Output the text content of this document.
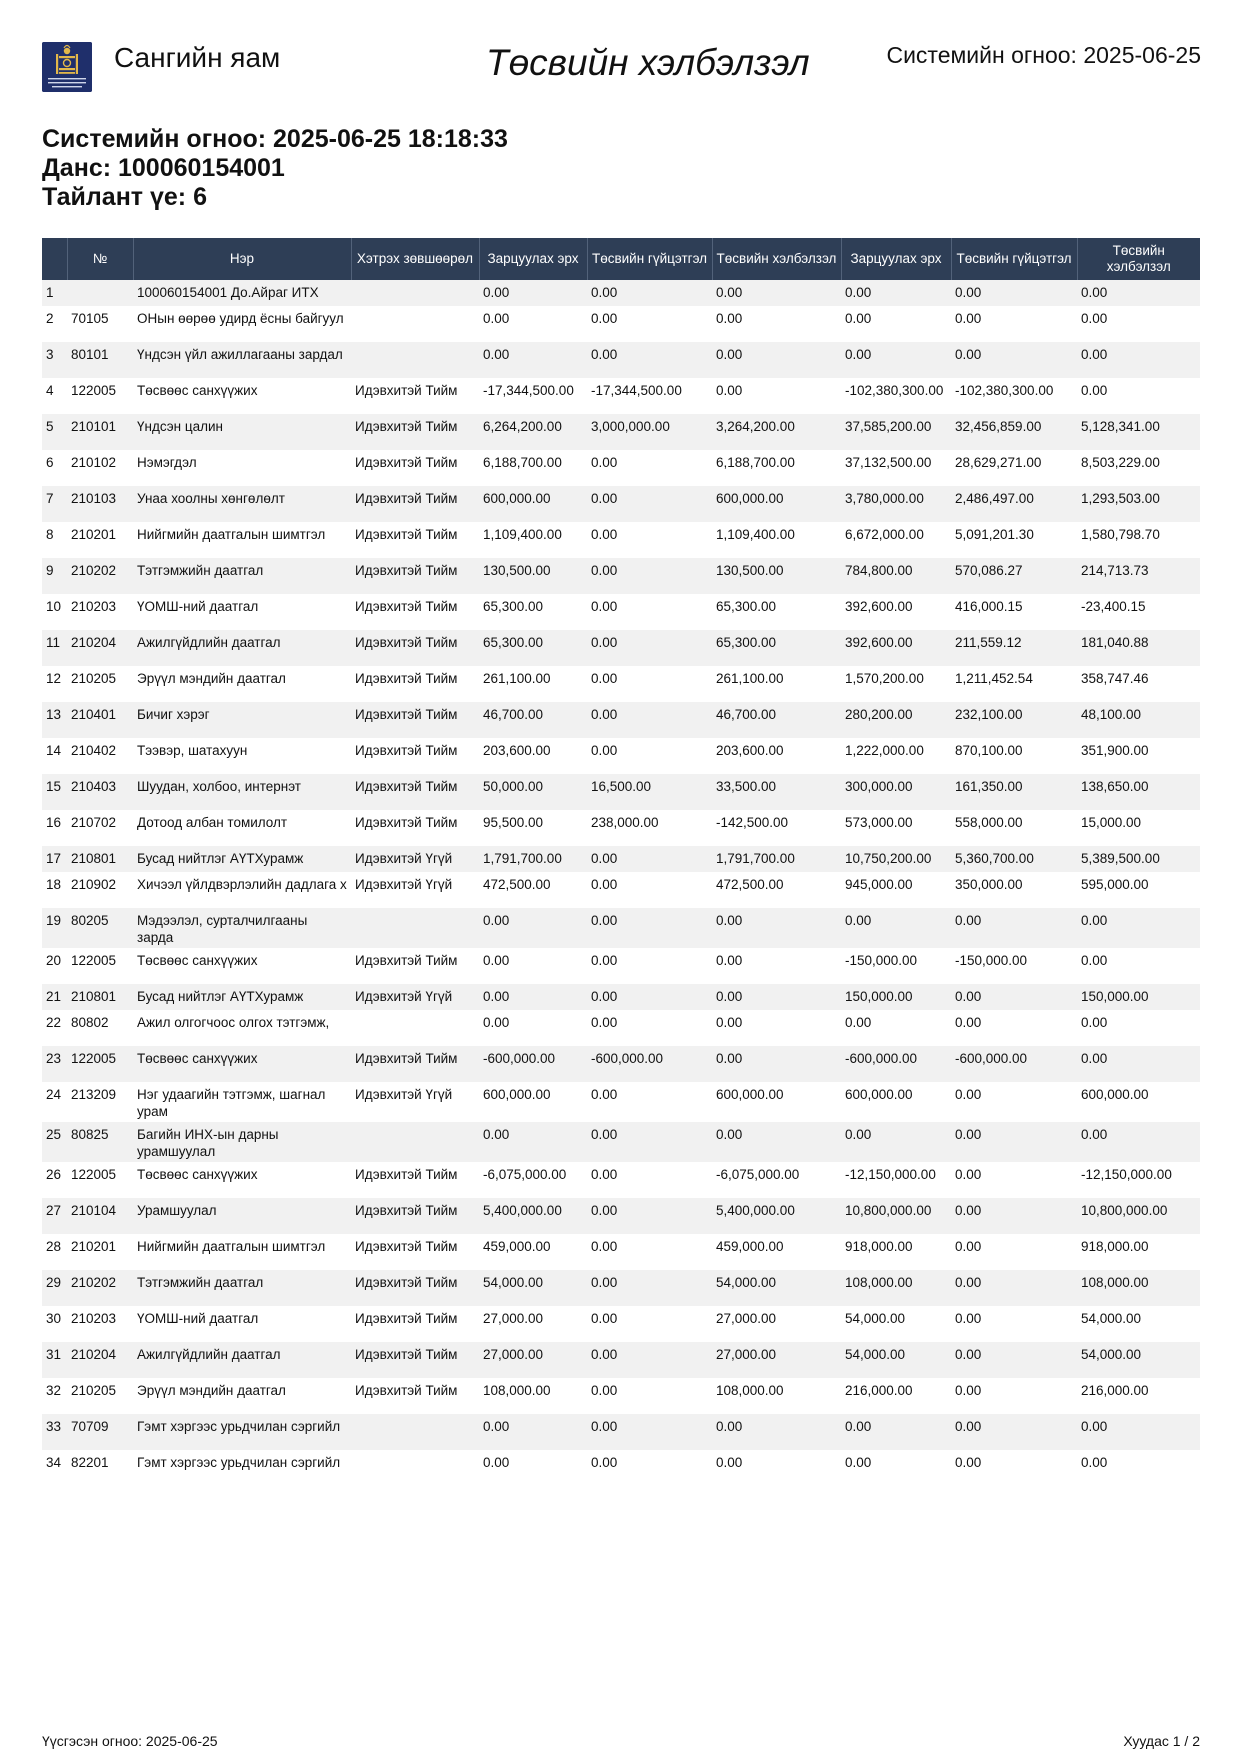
Сангийн яам	Төсвийн хэлбэлзэл	Системийн огноо: 2025-06-25
Системийн огноо: 2025-06-25 18:18:33
Данс: 100060154001
Тайлант үе: 6
	№	Нэр	Хэтрэх зөвшөөрөл	Зарцуулах эрх	Төсвийн гүйцэтгэл	Төсвийн хэлбэлзэл	Зарцуулах эрх	Төсвийн гүйцэтгэл	Төсвийн хэлбэлзэл
1		100060154001 До.Айраг ИТХ		0.00	0.00	0.00	0.00	0.00	0.00
2	70105	ОНын өөрөө удирд ёсны байгуул		0.00	0.00	0.00	0.00	0.00	0.00
3	80101	Үндсэн үйл ажиллагааны зардал		0.00	0.00	0.00	0.00	0.00	0.00
4	122005	Төсвөөс санхүүжих	Идэвхитэй Тийм	-17,344,500.00	-17,344,500.00	0.00	-102,380,300.00	-102,380,300.00	0.00
5	210101	Үндсэн цалин	Идэвхитэй Тийм	6,264,200.00	3,000,000.00	3,264,200.00	37,585,200.00	32,456,859.00	5,128,341.00
6	210102	Нэмэгдэл	Идэвхитэй Тийм	6,188,700.00	0.00	6,188,700.00	37,132,500.00	28,629,271.00	8,503,229.00
7	210103	Унаа хоолны хөнгөлөлт	Идэвхитэй Тийм	600,000.00	0.00	600,000.00	3,780,000.00	2,486,497.00	1,293,503.00
8	210201	Нийгмийн даатгалын шимтгэл	Идэвхитэй Тийм	1,109,400.00	0.00	1,109,400.00	6,672,000.00	5,091,201.30	1,580,798.70
9	210202	Тэтгэмжийн даатгал	Идэвхитэй Тийм	130,500.00	0.00	130,500.00	784,800.00	570,086.27	214,713.73
10	210203	ҮОМШ-ний даатгал	Идэвхитэй Тийм	65,300.00	0.00	65,300.00	392,600.00	416,000.15	-23,400.15
11	210204	Ажилгүйдлийн даатгал	Идэвхитэй Тийм	65,300.00	0.00	65,300.00	392,600.00	211,559.12	181,040.88
12	210205	Эрүүл мэндийн даатгал	Идэвхитэй Тийм	261,100.00	0.00	261,100.00	1,570,200.00	1,211,452.54	358,747.46
13	210401	Бичиг хэрэг	Идэвхитэй Тийм	46,700.00	0.00	46,700.00	280,200.00	232,100.00	48,100.00
14	210402	Тээвэр, шатахуун	Идэвхитэй Тийм	203,600.00	0.00	203,600.00	1,222,000.00	870,100.00	351,900.00
15	210403	Шуудан, холбоо, интернэт	Идэвхитэй Тийм	50,000.00	16,500.00	33,500.00	300,000.00	161,350.00	138,650.00
16	210702	Дотоод албан томилолт	Идэвхитэй Тийм	95,500.00	238,000.00	-142,500.00	573,000.00	558,000.00	15,000.00
17	210801	Бусад нийтлэг АҮТХурамж	Идэвхитэй Үгүй	1,791,700.00	0.00	1,791,700.00	10,750,200.00	5,360,700.00	5,389,500.00
18	210902	Хичээл үйлдвэрлэлийн дадлага х	Идэвхитэй Үгүй	472,500.00	0.00	472,500.00	945,000.00	350,000.00	595,000.00
19	80205	Мэдээлэл, сурталчилгааны зарда		0.00	0.00	0.00	0.00	0.00	0.00
20	122005	Төсвөөс санхүүжих	Идэвхитэй Тийм	0.00	0.00	0.00	-150,000.00	-150,000.00	0.00
21	210801	Бусад нийтлэг АҮТХурамж	Идэвхитэй Үгүй	0.00	0.00	0.00	150,000.00	0.00	150,000.00
22	80802	Ажил олгогчоос олгох тэтгэмж,		0.00	0.00	0.00	0.00	0.00	0.00
23	122005	Төсвөөс санхүүжих	Идэвхитэй Тийм	-600,000.00	-600,000.00	0.00	-600,000.00	-600,000.00	0.00
24	213209	Нэг удаагийн тэтгэмж, шагнал урам	Идэвхитэй Үгүй	600,000.00	0.00	600,000.00	600,000.00	0.00	600,000.00
25	80825	Багийн ИНХ-ын дарны урамшуулал		0.00	0.00	0.00	0.00	0.00	0.00
26	122005	Төсвөөс санхүүжих	Идэвхитэй Тийм	-6,075,000.00	0.00	-6,075,000.00	-12,150,000.00	0.00	-12,150,000.00
27	210104	Урамшуулал	Идэвхитэй Тийм	5,400,000.00	0.00	5,400,000.00	10,800,000.00	0.00	10,800,000.00
28	210201	Нийгмийн даатгалын шимтгэл	Идэвхитэй Тийм	459,000.00	0.00	459,000.00	918,000.00	0.00	918,000.00
29	210202	Тэтгэмжийн даатгал	Идэвхитэй Тийм	54,000.00	0.00	54,000.00	108,000.00	0.00	108,000.00
30	210203	ҮОМШ-ний даатгал	Идэвхитэй Тийм	27,000.00	0.00	27,000.00	54,000.00	0.00	54,000.00
31	210204	Ажилгүйдлийн даатгал	Идэвхитэй Тийм	27,000.00	0.00	27,000.00	54,000.00	0.00	54,000.00
32	210205	Эрүүл мэндийн даатгал	Идэвхитэй Тийм	108,000.00	0.00	108,000.00	216,000.00	0.00	216,000.00
33	70709	Гэмт хэргээс урьдчилан сэргийл		0.00	0.00	0.00	0.00	0.00	0.00
34	82201	Гэмт хэргээс урьдчилан сэргийл		0.00	0.00	0.00	0.00	0.00	0.00
Үүсгэсэн огноо: 2025-06-25	Хуудас 1 / 2
